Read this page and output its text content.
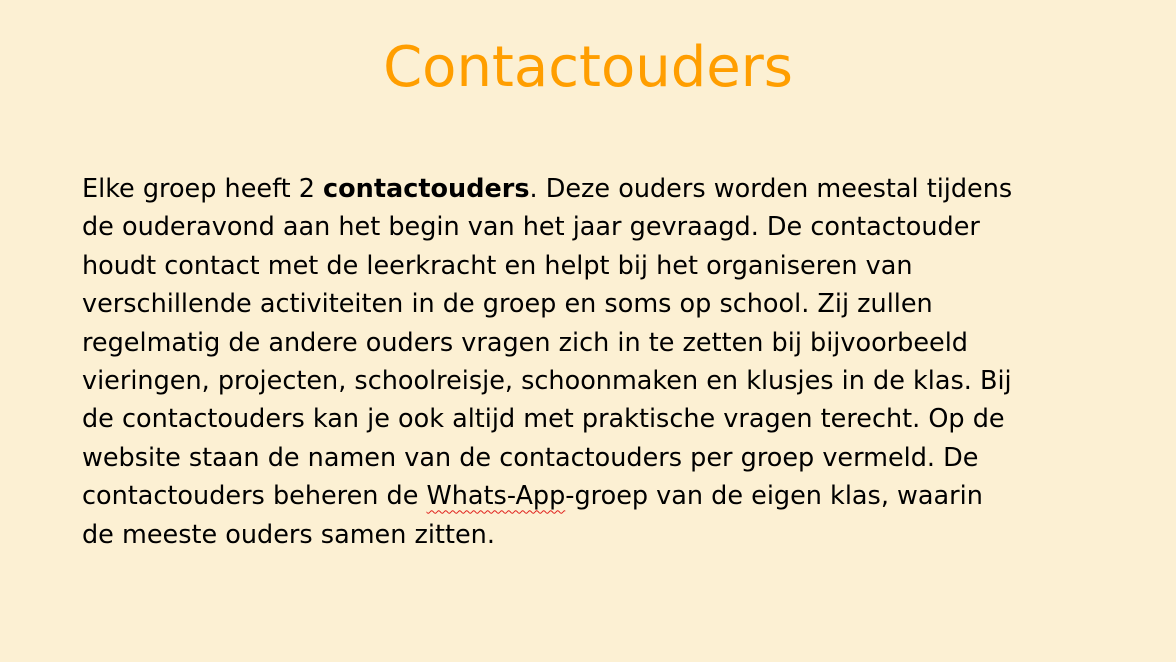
Contactouders

Elke groep heeft 2 contactouders. Deze ouders worden meestal tijdens
de ouderavond aan het begin van het jaar gevraagd. De contactouder
houdt contact met de leerkracht en helpt bij het organiseren van
verschillende activiteiten in de groep en soms op school. Zij zullen
regelmatig de andere ouders vragen zich in te zetten bij bijvoorbeeld
vieringen, projecten, schoolreisje, schoonmaken en klusjes in de klas. Bij
de contactouders kan je ook altijd met praktische vragen terecht. Op de
website staan de namen van de contactouders per groep vermeld. De
contactouders beheren de Whats-App-groep van de eigen klas, waarin
de meeste ouders samen zitten.
